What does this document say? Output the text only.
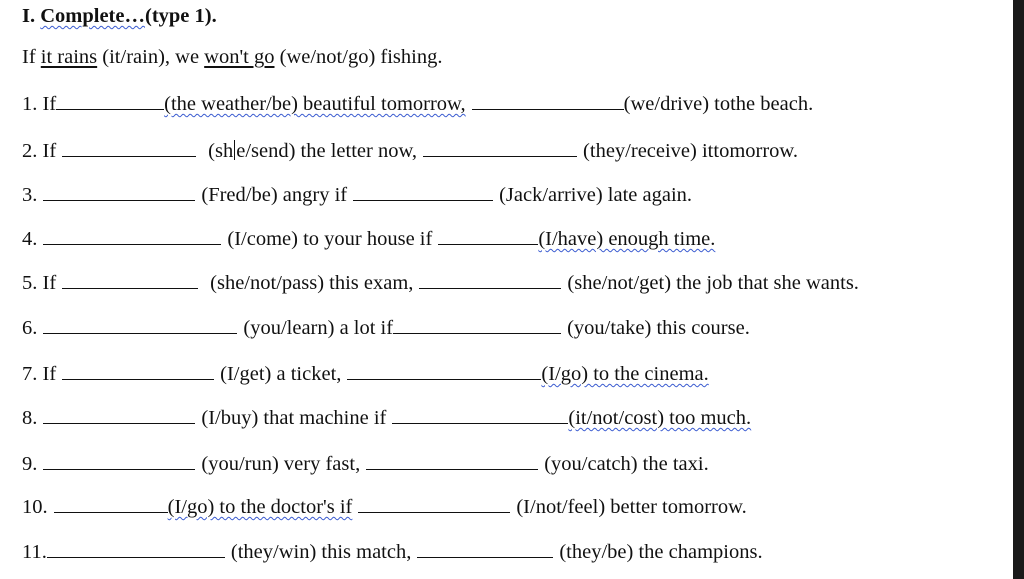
I. Complete…(type 1).
If it rains (it/rain), we won't go (we/not/go) fishing.
1. If	(the weather/be) beautiful tomorrow,	(we/drive) tothe beach.
2. If	(sh e/send) the letter now,	(they/receive) ittomorrow.
3.	(Fred/be) angry if	(Jack/arrive) late again.
4.	(I/come) to your house if	(I/have) enough time.
5. If	(she/not/pass) this exam,	(she/not/get) the job that she wants.
6.	(you/learn) a lot if	(you/take) this course.
7. If	(I/get) a ticket,	(I/go) to the cinema.
8.	(I/buy) that machine if	(it/not/cost) too much.
9.	(you/run) very fast,	(you/catch) the taxi.
10.	(I/go) to the doctor's if	(I/not/feel) better tomorrow.
11.	(they/win) this match,	(they/be) the champions.
